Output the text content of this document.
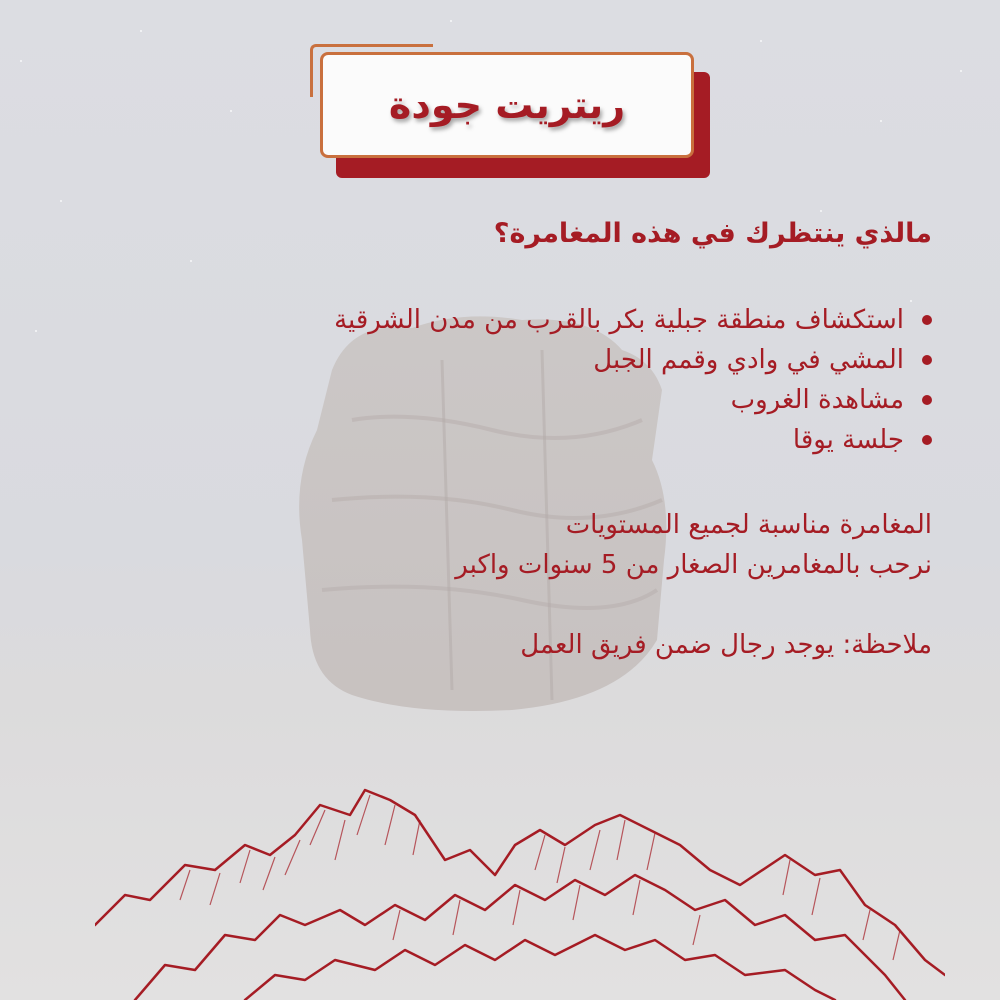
ريتريت جودة
مالذي ينتظرك في هذه المغامرة؟
استكشاف منطقة جبلية بكر بالقرب من مدن الشرقية
المشي في وادي وقمم الجبل
مشاهدة الغروب
جلسة يوقا
المغامرة مناسبة لجميع المستويات
نرحب بالمغامرين الصغار من 5 سنوات واكبر
ملاحظة: يوجد رجال ضمن فريق العمل
